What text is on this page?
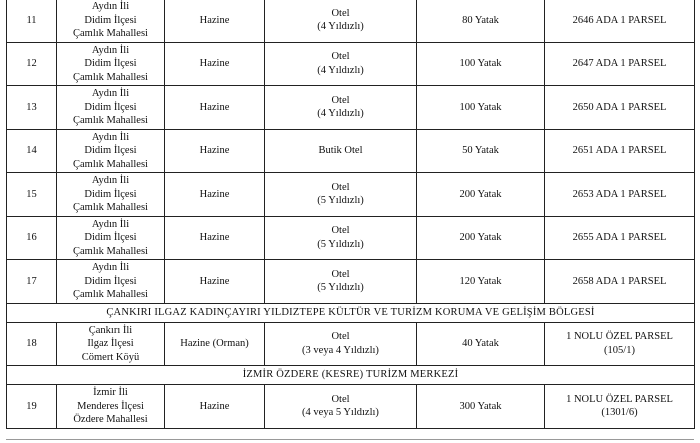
11	Aydın İli
Didim İlçesi
Çamlık Mahallesi	Hazine	Otel
(4 Yıldızlı)	80 Yatak	2646 ADA 1 PARSEL

12	Aydın İli
Didim İlçesi
Çamlık Mahallesi	Hazine	Otel
(4 Yıldızlı)	100 Yatak	2647 ADA 1 PARSEL

13	Aydın İli
Didim İlçesi
Çamlık Mahallesi	Hazine	Otel
(4 Yıldızlı)	100 Yatak	2650 ADA 1 PARSEL

14	Aydın İli
Didim İlçesi
Çamlık Mahallesi	Hazine	Butik Otel	50 Yatak	2651 ADA 1 PARSEL

15	Aydın İli
Didim İlçesi
Çamlık Mahallesi	Hazine	Otel
(5 Yıldızlı)	200 Yatak	2653 ADA 1 PARSEL

16	Aydın İli
Didim İlçesi
Çamlık Mahallesi	Hazine	Otel
(5 Yıldızlı)	200 Yatak	2655 ADA 1 PARSEL

17	Aydın İli
Didim İlçesi
Çamlık Mahallesi	Hazine	Otel
(5 Yıldızlı)	120 Yatak	2658 ADA 1 PARSEL

ÇANKIRI ILGAZ KADINÇAYIRI YILDIZTEPE KÜLTÜR VE TURİZM KORUMA VE GELİŞİM BÖLGESİ					
18	Çankırı İli
Ilgaz İlçesi
Cömert Köyü	Hazine (Orman)	Otel
(3 veya 4 Yıldızlı)	40 Yatak	1 NOLU ÖZEL PARSEL
(105/1)

İZMİR ÖZDERE (KESRE) TURİZM MERKEZİ					
19	İzmir İli
Menderes İlçesi
Özdere Mahallesi	Hazine	Otel
(4 veya 5 Yıldızlı)	300 Yatak	1 NOLU ÖZEL PARSEL
(1301/6)
